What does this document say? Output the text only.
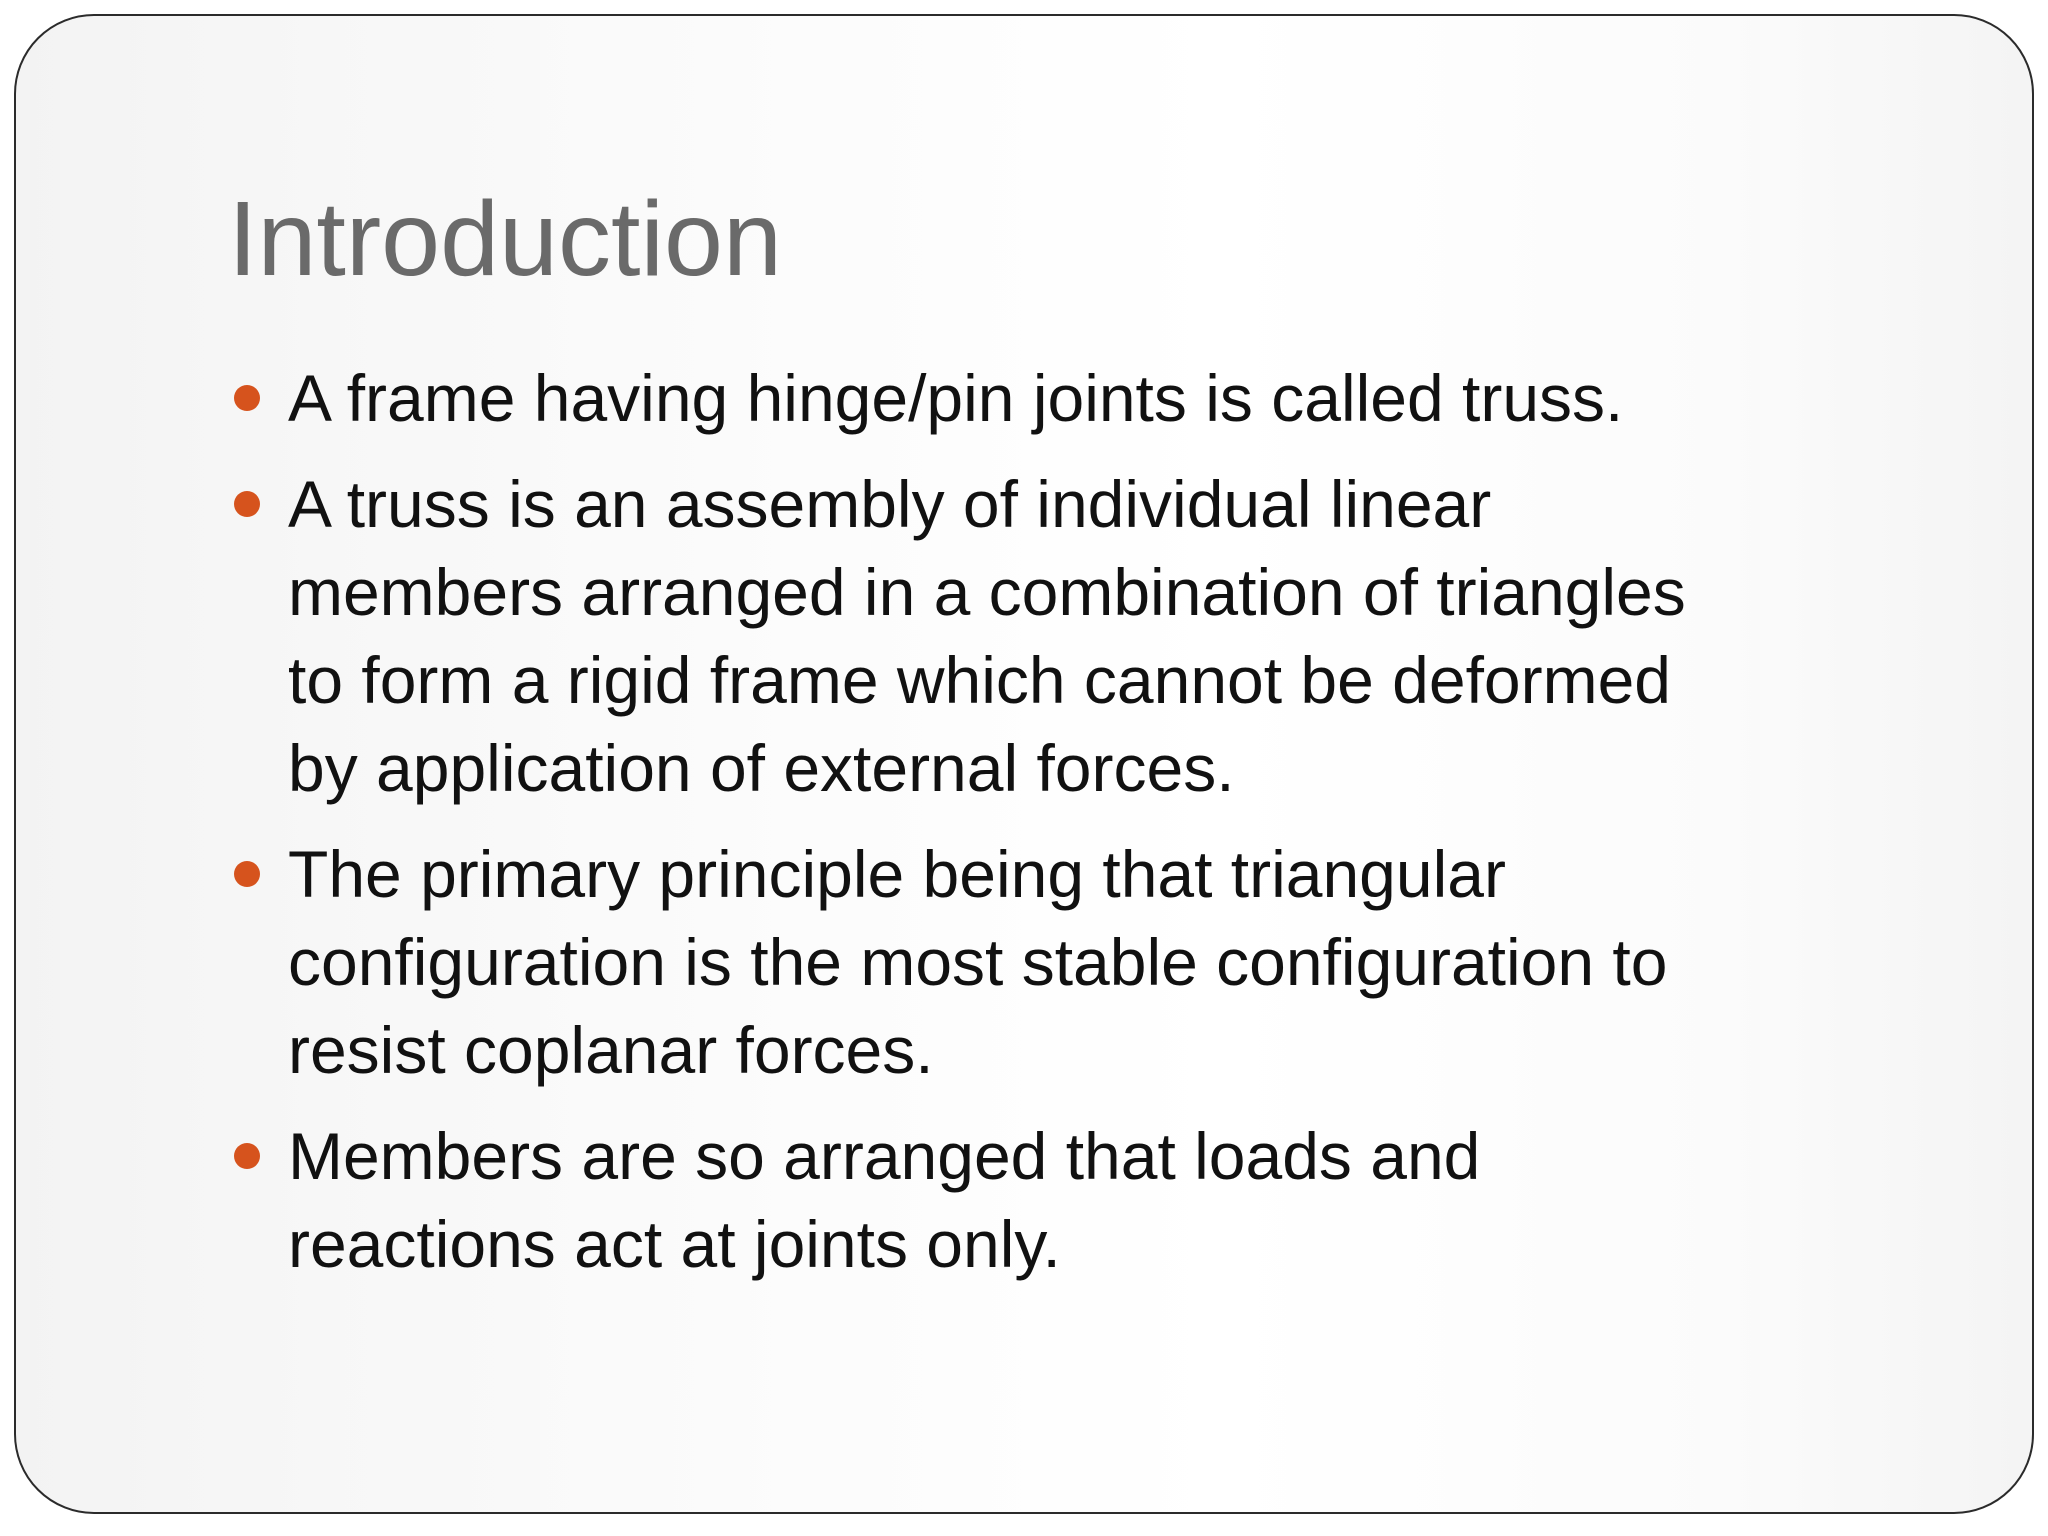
Introduction
A frame having hinge/pin joints is called truss.
A truss is an assembly of individual linear
members arranged in a combination of triangles
to form a rigid frame which cannot be deformed
by application of external forces.
The primary principle being that triangular
configuration is the most stable configuration to
resist coplanar forces.
Members are so arranged that loads and
reactions act at joints only.
